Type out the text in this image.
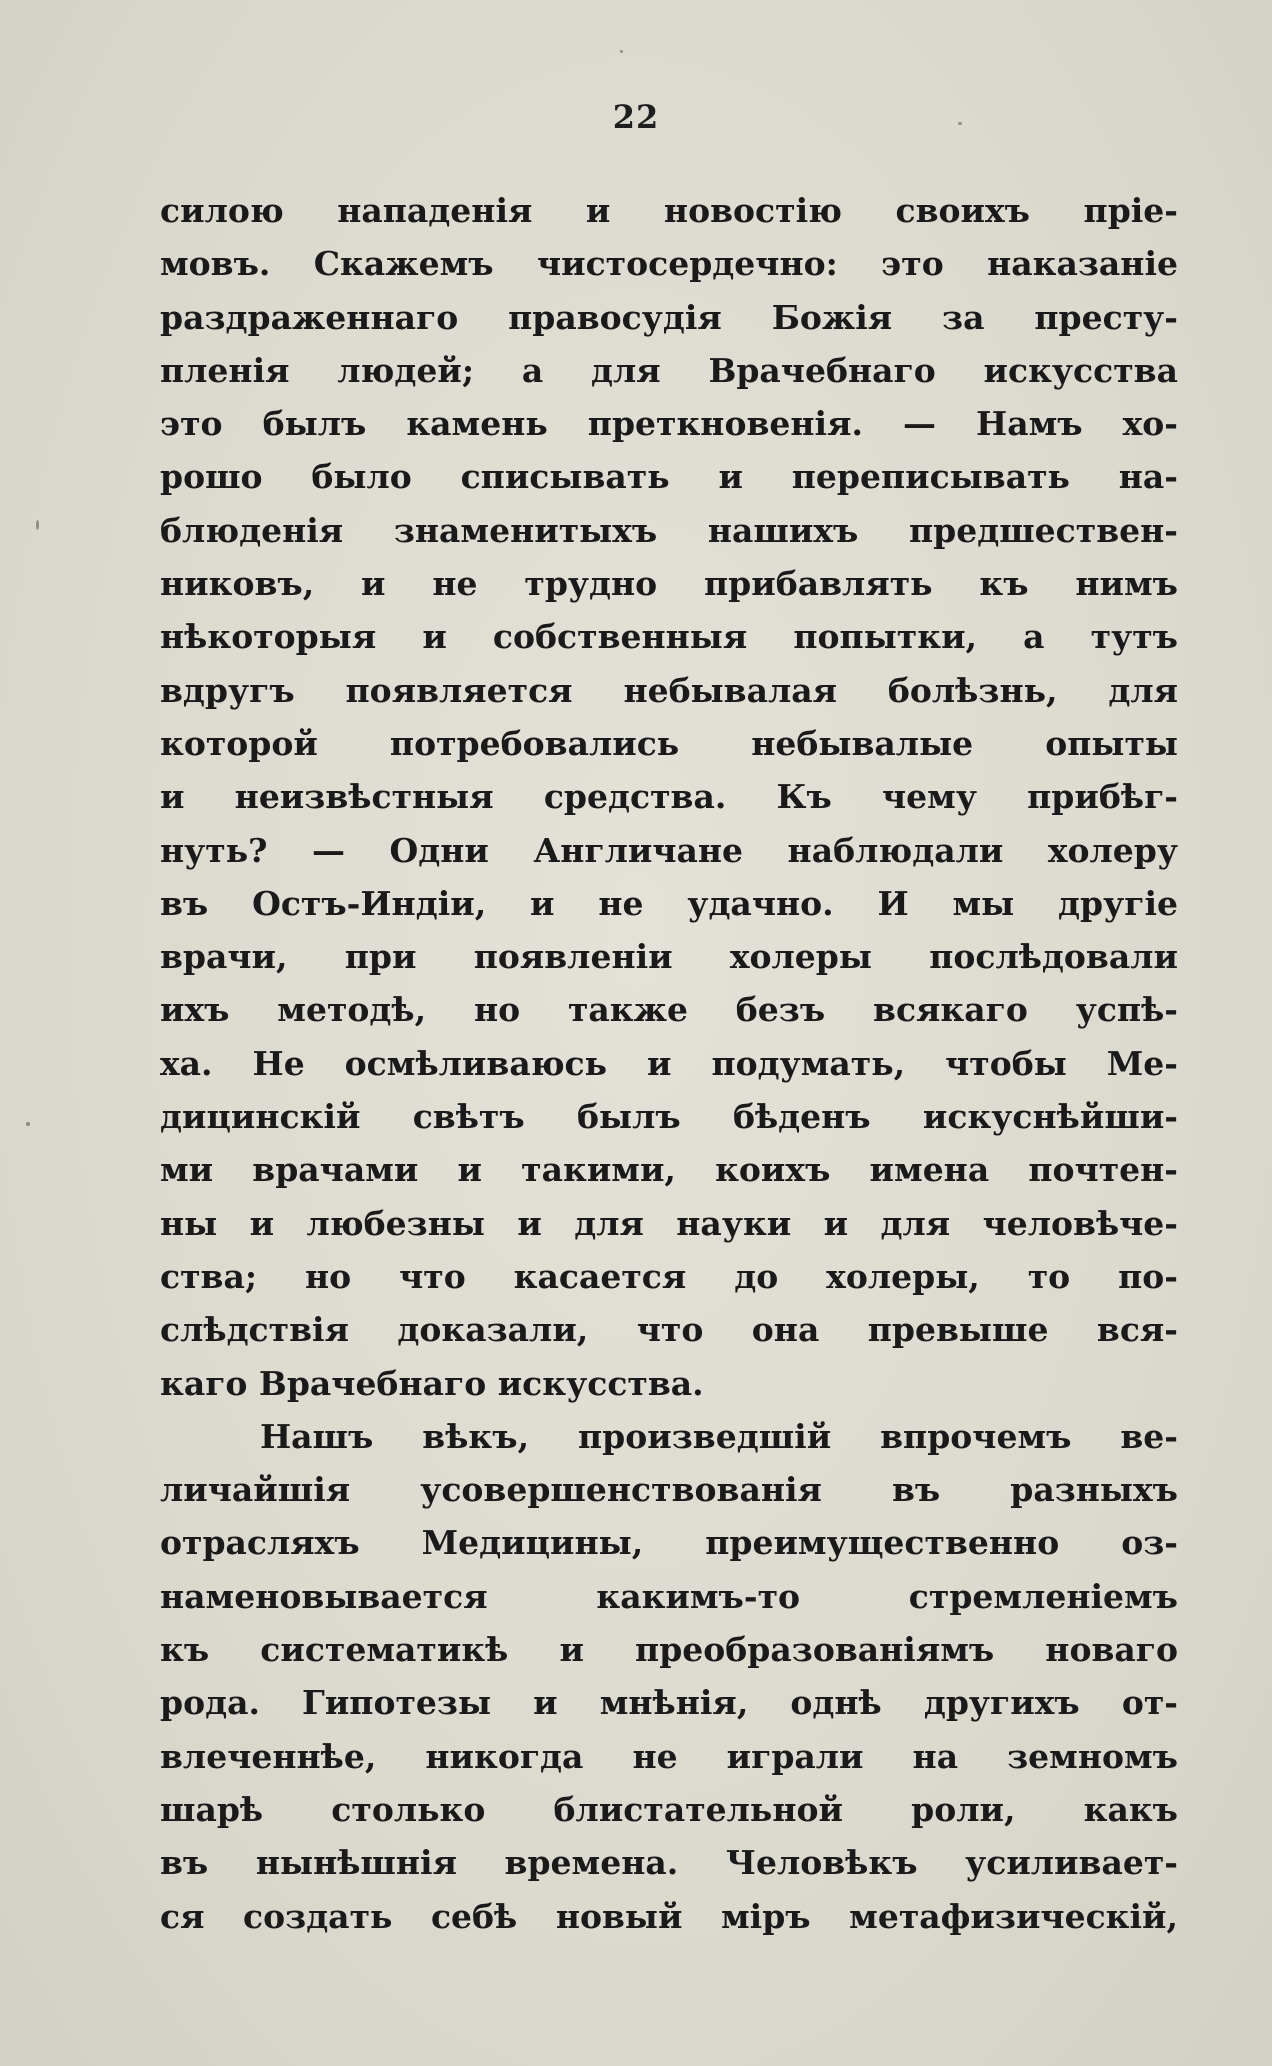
22
силою нападенія и новостію своихъ пріе-
мовъ. Скажемъ чистосердечно: это наказаніе
раздраженнаго правосудія Божія за престу-
пленія людей; а для Врачебнаго искусства
это былъ камень преткновенія. — Намъ хо-
рошо было списывать и переписывать на-
блюденія знаменитыхъ нашихъ предшествен-
никовъ, и не трудно прибавлять къ нимъ
нѣкоторыя и собственныя попытки, а тутъ
вдругъ появляется небывалая болѣзнь, для
которой потребовались небывалые опыты
и неизвѣстныя средства. Къ чему прибѣг-
нуть? — Одни Англичане наблюдали холеру
въ Остъ-Индіи, и не удачно. И мы другіе
врачи, при появленіи холеры послѣдовали
ихъ методѣ, но также безъ всякаго успѣ-
ха. Не осмѣливаюсь и подумать, чтобы Ме-
дицинскій свѣтъ былъ бѣденъ искуснѣйши-
ми врачами и такими, коихъ имена почтен-
ны и любезны и для науки и для человѣче-
ства; но что касается до холеры, то по-
слѣдствія доказали, что она превыше вся-
каго Врачебнаго искусства.
Нашъ вѣкъ, произведшій впрочемъ ве-
личайшія усовершенствованія въ разныхъ
отрасляхъ Медицины, преимущественно оз-
наменовывается какимъ-то стремленіемъ
къ систематикѣ и преобразованіямъ новаго
рода. Гипотезы и мнѣнія, однѣ другихъ от-
влеченнѣе, никогда не играли на земномъ
шарѣ столько блистательной роли, какъ
въ нынѣшнія времена. Человѣкъ усиливает-
ся создать себѣ новый міръ метафизическій,
